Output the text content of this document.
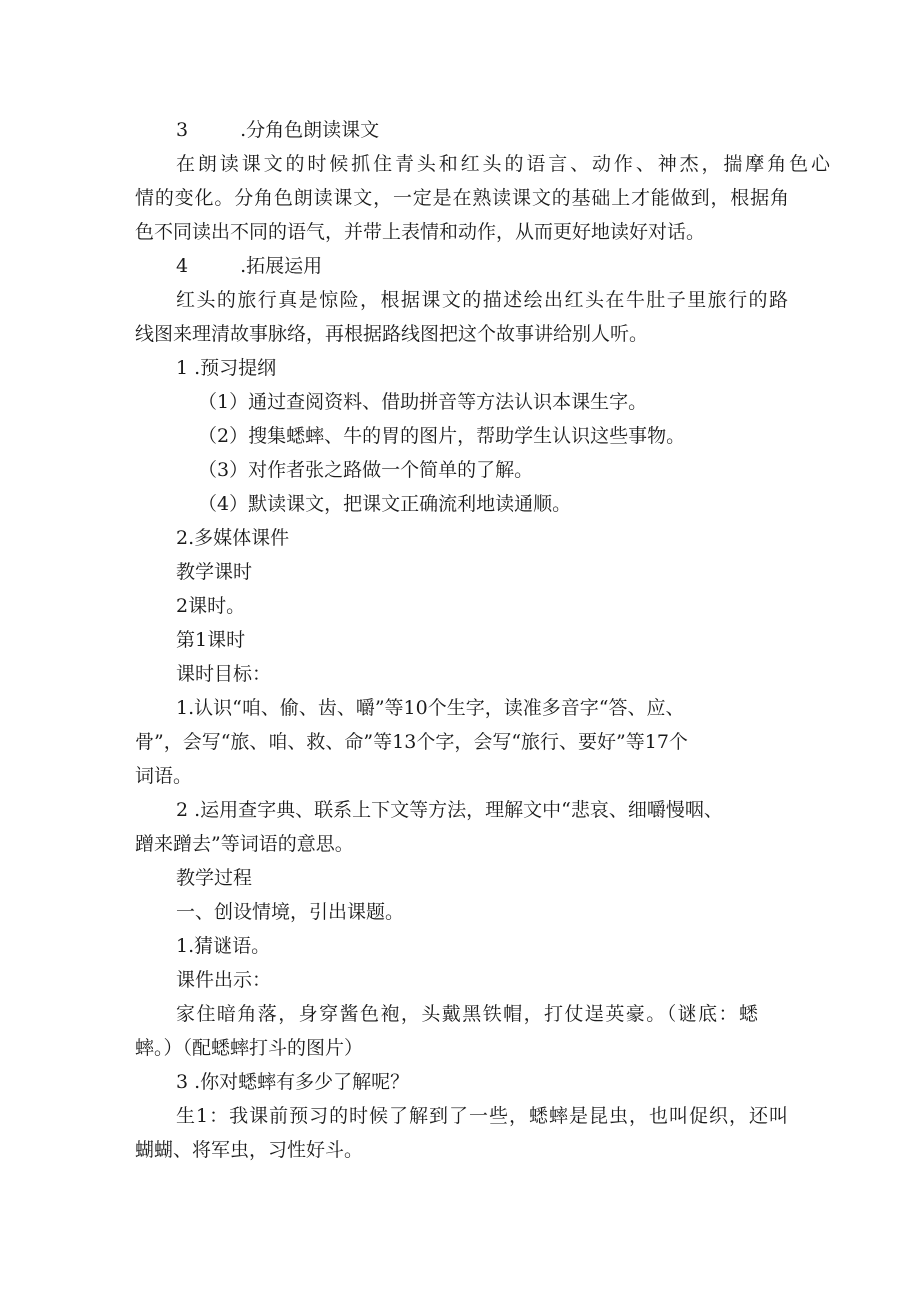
3	.分角色朗读课文
在朗读课文的时候抓住青头和红头的语言、动作、神杰，揣摩角色心
情的变化。分角色朗读课文，一定是在熟读课文的基础上才能做到，根据角
色不同读出不同的语气，并带上表情和动作，从而更好地读好对话。
4	.拓展运用
红头的旅行真是惊险，根据课文的描述绘出红头在牛肚子里旅行的路
线图来理清故事脉络，再根据路线图把这个故事讲给别人听。
1 .预习提纲
（1）通过查阅资料、借助拼音等方法认识本课生字。
（2）搜集蟋蟀、牛的胃的图片，帮助学生认识这些事物。
（3）对作者张之路做一个简单的了解。
（4）默读课文，把课文正确流利地读通顺。
2.多媒体课件
教学课时
2课时。
第1课时
课时目标：
1.认识“咱、偷、齿、嚼”等10个生字，读准多音字“答、应、
骨”，会写“旅、咱、救、命”等13个字，会写“旅行、要好”等17个
词语。
2 .运用查字典、联系上下文等方法，理解文中“悲哀、细嚼慢咽、
蹭来蹭去”等词语的意思。
教学过程
一、创设情境，引出课题。
1.猜谜语。
课件出示：
家住暗角落，身穿酱色袍，头戴黑铁帽，打仗逞英豪。（谜底：蟋
蟀。）（配蟋蟀打斗的图片）
3 .你对蟋蟀有多少了解呢？
生1：我课前预习的时候了解到了一些，蟋蟀是昆虫，也叫促织，还叫
蝴蝴、将军虫，习性好斗。
